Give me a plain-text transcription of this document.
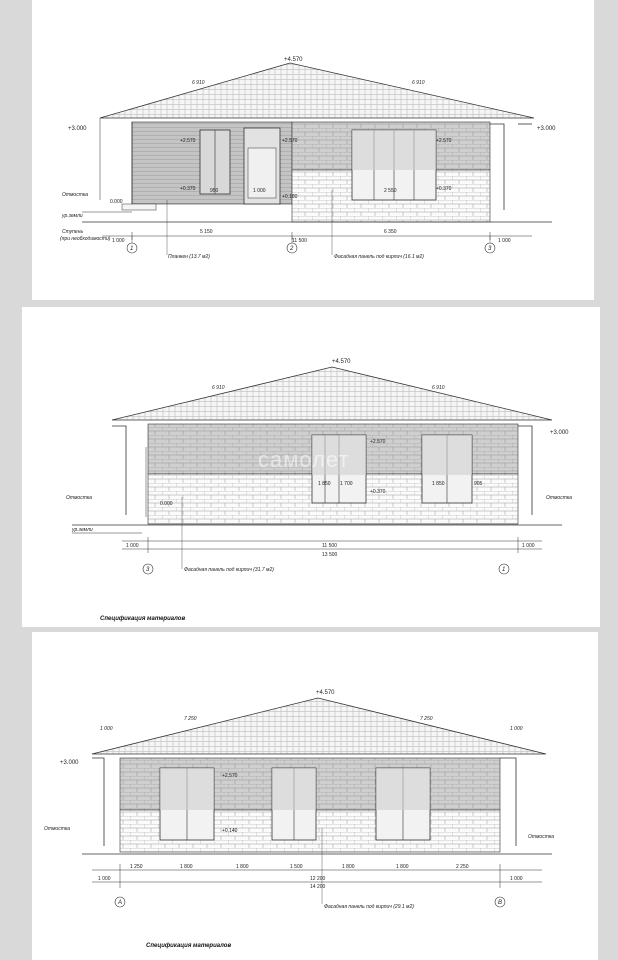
+4.570
6 910	6 910
+3.000	+3.000
+2.570	+2.570	+2.570
+0.370	+0.370
+0.180
0.000
Отмостка
ур.земли
Ступень
(при необходимости)
950	1 000	2 550
1 000
5 150
11 500
6 350
1 000
1	2	3
Планкен (13.7 м2)	Фасадная панель под кирпич (16.1 м2)
+4.570
6 910	6 910
+3.000
+2.570
+0.370
0.000
1 850 1 700	1 850	905
Отмостка	Отмостка
ур.земли
1 000	11 500	1 000
13 500
3	1
Фасадная панель под кирпич (31.7 м2)
самолет
Спецификация материалов
+4.570
7 250	7 250
1 000	1 000
+3.000
+2.570
+0.140
Отмостка
Отмостка
1 250	1 800	1 800	1 500	1 800	1 800	2 250
1 000	12 200	1 000
14 200
А	В
Фасадная панель под кирпич (29.1 м2)
Спецификация материалов
